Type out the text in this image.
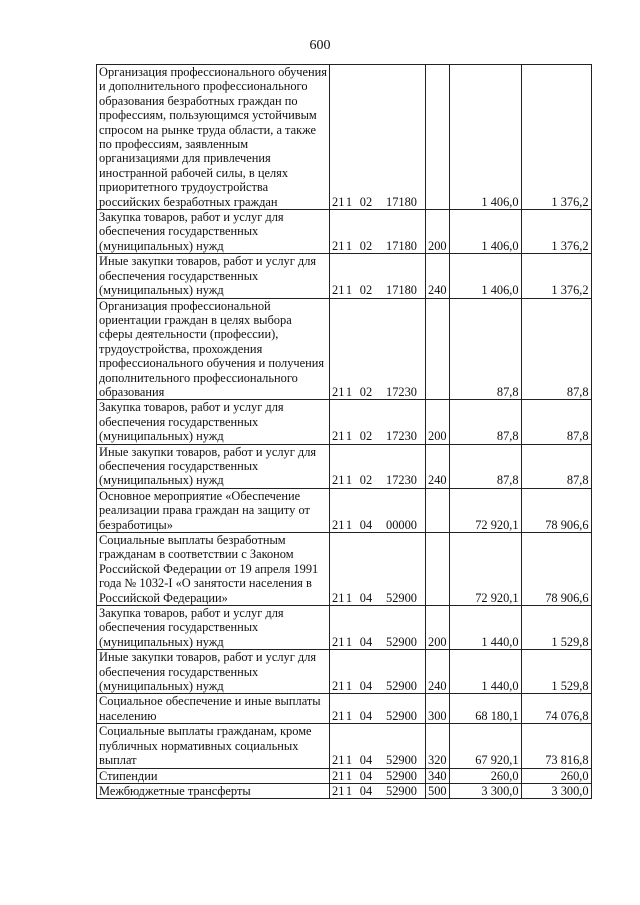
600
Организация профессионального обучения и дополнительного профессионального образования безработных граждан по профессиям, пользующимся устойчивым спросом на рынке труда области, а также по профессиям, заявленным организациями для привлечения иностранной рабочей силы, в целях приоритетного трудоустройства российских безработных граждан	21 1 02 17180		1 406,0	1 376,2
Закупка товаров, работ и услуг для обеспечения государственных (муниципальных) нужд	21 1 02 17180	200	1 406,0	1 376,2
Иные закупки товаров, работ и услуг для обеспечения государственных (муниципальных) нужд	21 1 02 17180	240	1 406,0	1 376,2
Организация профессиональной ориентации граждан в целях выбора сферы деятельности (профессии), трудоустройства, прохождения профессионального обучения и получения дополнительного профессионального образования	21 1 02 17230		87,8	87,8
Закупка товаров, работ и услуг для обеспечения государственных (муниципальных) нужд	21 1 02 17230	200	87,8	87,8
Иные закупки товаров, работ и услуг для обеспечения государственных (муниципальных) нужд	21 1 02 17230	240	87,8	87,8
Основное мероприятие «Обеспечение реализации права граждан на защиту от безработицы»	21 1 04 00000		72 920,1	78 906,6
Социальные выплаты безработным гражданам в соответствии с Законом Российской Федерации от 19 апреля 1991 года № 1032-I «О занятости населения в Российской Федерации»	21 1 04 52900		72 920,1	78 906,6
Закупка товаров, работ и услуг для обеспечения государственных (муниципальных) нужд	21 1 04 52900	200	1 440,0	1 529,8
Иные закупки товаров, работ и услуг для обеспечения государственных (муниципальных) нужд	21 1 04 52900	240	1 440,0	1 529,8
Социальное обеспечение и иные выплаты населению	21 1 04 52900	300	68 180,1	74 076,8
Социальные выплаты гражданам, кроме публичных нормативных социальных выплат	21 1 04 52900	320	67 920,1	73 816,8
Стипендии	21 1 04 52900	340	260,0	260,0
Межбюджетные трансферты	21 1 04 52900	500	3 300,0	3 300,0
